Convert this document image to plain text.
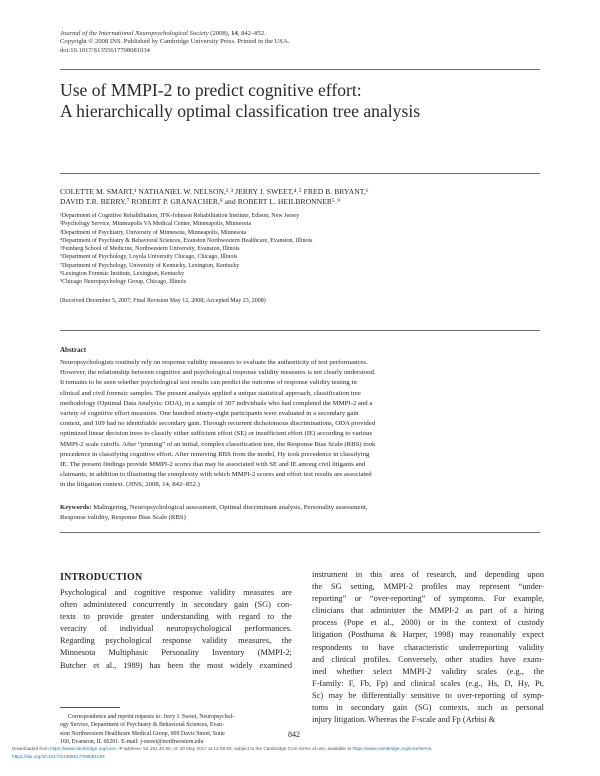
Journal of the International Neuropsychological Society (2008), 14, 842–852.
Copyright © 2008 INS. Published by Cambridge University Press. Printed in the USA.
doi:10.1017/S1355617708081034
Use of MMPI-2 to predict cognitive effort:
A hierarchically optimal classification tree analysis
COLETTE M. SMART,¹ NATHANIEL W. NELSON,²˒³ JERRY J. SWEET,⁴˒⁵ FRED B. BRYANT,⁶
DAVID T.R. BERRY,⁷ ROBERT P. GRANACHER,⁸ and ROBERT L. HEILBRONNER⁵˒⁹
¹Department of Cognitive Rehabilitation, JFK-Johnson Rehabilitation Institute, Edison, New Jersey
²Psychology Service, Minneapolis VA Medical Center, Minneapolis, Minnesota
³Department of Psychiatry, University of Minnesota, Minneapolis, Minnesota
⁴Department of Psychiatry & Behavioral Sciences, Evanston Northwestern Healthcare, Evanston, Illinois
⁵Feinberg School of Medicine, Northwestern University, Evanston, Illinois
⁶Department of Psychology, Loyola University Chicago, Chicago, Illinois
⁷Department of Psychology, University of Kentucky, Lexington, Kentucky
⁸Lexington Forensic Institute, Lexington, Kentucky
⁹Chicago Neuropsychology Group, Chicago, Illinois
(Received December 5, 2007; Final Revision May 12, 2008; Accepted May 23, 2008)
Abstract
Neuropsychologists routinely rely on response validity measures to evaluate the authenticity of test performances.
However, the relationship between cognitive and psychological response validity measures is not clearly understood.
It remains to be seen whether psychological test results can predict the outcome of response validity testing in
clinical and civil forensic samples. The present analysis applied a unique statistical approach, classification tree
methodology (Optimal Data Analysis: ODA), in a sample of 307 individuals who had completed the MMPI-2 and a
variety of cognitive effort measures. One hundred ninety-eight participants were evaluated in a secondary gain
context, and 109 had no identifiable secondary gain. Through recurrent dichotomous discriminations, ODA provided
optimized linear decision trees to classify either sufficient effort (SE) or insufficient effort (IE) according to various
MMPI-2 scale cutoffs. After “pruning” of an initial, complex classification tree, the Response Bias Scale (RBS) took
precedence in classifying cognitive effort. After removing RBS from the model, Hy took precedence in classifying
IE. The present findings provide MMPI-2 scores that may be associated with SE and IE among civil litigants and
claimants, in addition to illustrating the complexity with which MMPI-2 scores and effort test results are associated
in the litigation context. (JINS, 2008, 14, 842–852.)
Keywords: Malingering, Neuropsychological assessment, Optimal discriminant analysis, Personality assessment,
Response validity, Response Bias Scale (RBS)
INTRODUCTION
Psychological and cognitive response validity measures are
often administered concurrently in secondary gain (SG) con-
texts to provide greater understanding with regard to the
veracity of individual neuropsychological performances.
Regarding psychological response validity measures, the
Minnesota Multiphasic Personality Inventory (MMPI-2;
Butcher et al., 1989) has been the most widely examined
instrument in this area of research, and depending upon
the SG setting, MMPI-2 profiles may represent “under-
reporting” or “over-reporting” of symptoms. For example,
clinicians that administer the MMPI-2 as part of a hiring
process (Pope et al., 2000) or in the context of custody
litigation (Posthuma & Harper, 1998) may reasonably expect
respondents to have characteristic underreporting validity
and clinical profiles. Conversely, other studies have exam-
ined whether select MMPI-2 validity scales (e.g., the
F-family: F, Fb, Fp) and clinical scales (e.g., Hs, D, Hy, Pt,
Sc) may be differentially sensitive to over-reporting of symp-
toms in secondary gain (SG) contexts, such as personal
injury litigation. Whereas the F-scale and Fp (Arbisi &
Correspondence and reprint requests to: Jerry J. Sweet, Neuropsychol-
ogy Service, Department of Psychiatry & Behavioral Sciences, Evan-
ston Northwestern Healthcare Medical Group, 909 Davis Street, Suite
160, Evanston, IL 60201. E-mail: j-sweet@northwestern.edu
842
Downloaded from https://www.cambridge.org/core. IP address: 54.191.40.80, on 30 May 2017 at 14:09:55, subject to the Cambridge Core terms of use, available at https://www.cambridge.org/core/terms.
https://doi.org/10.1017/S1355617708081034
